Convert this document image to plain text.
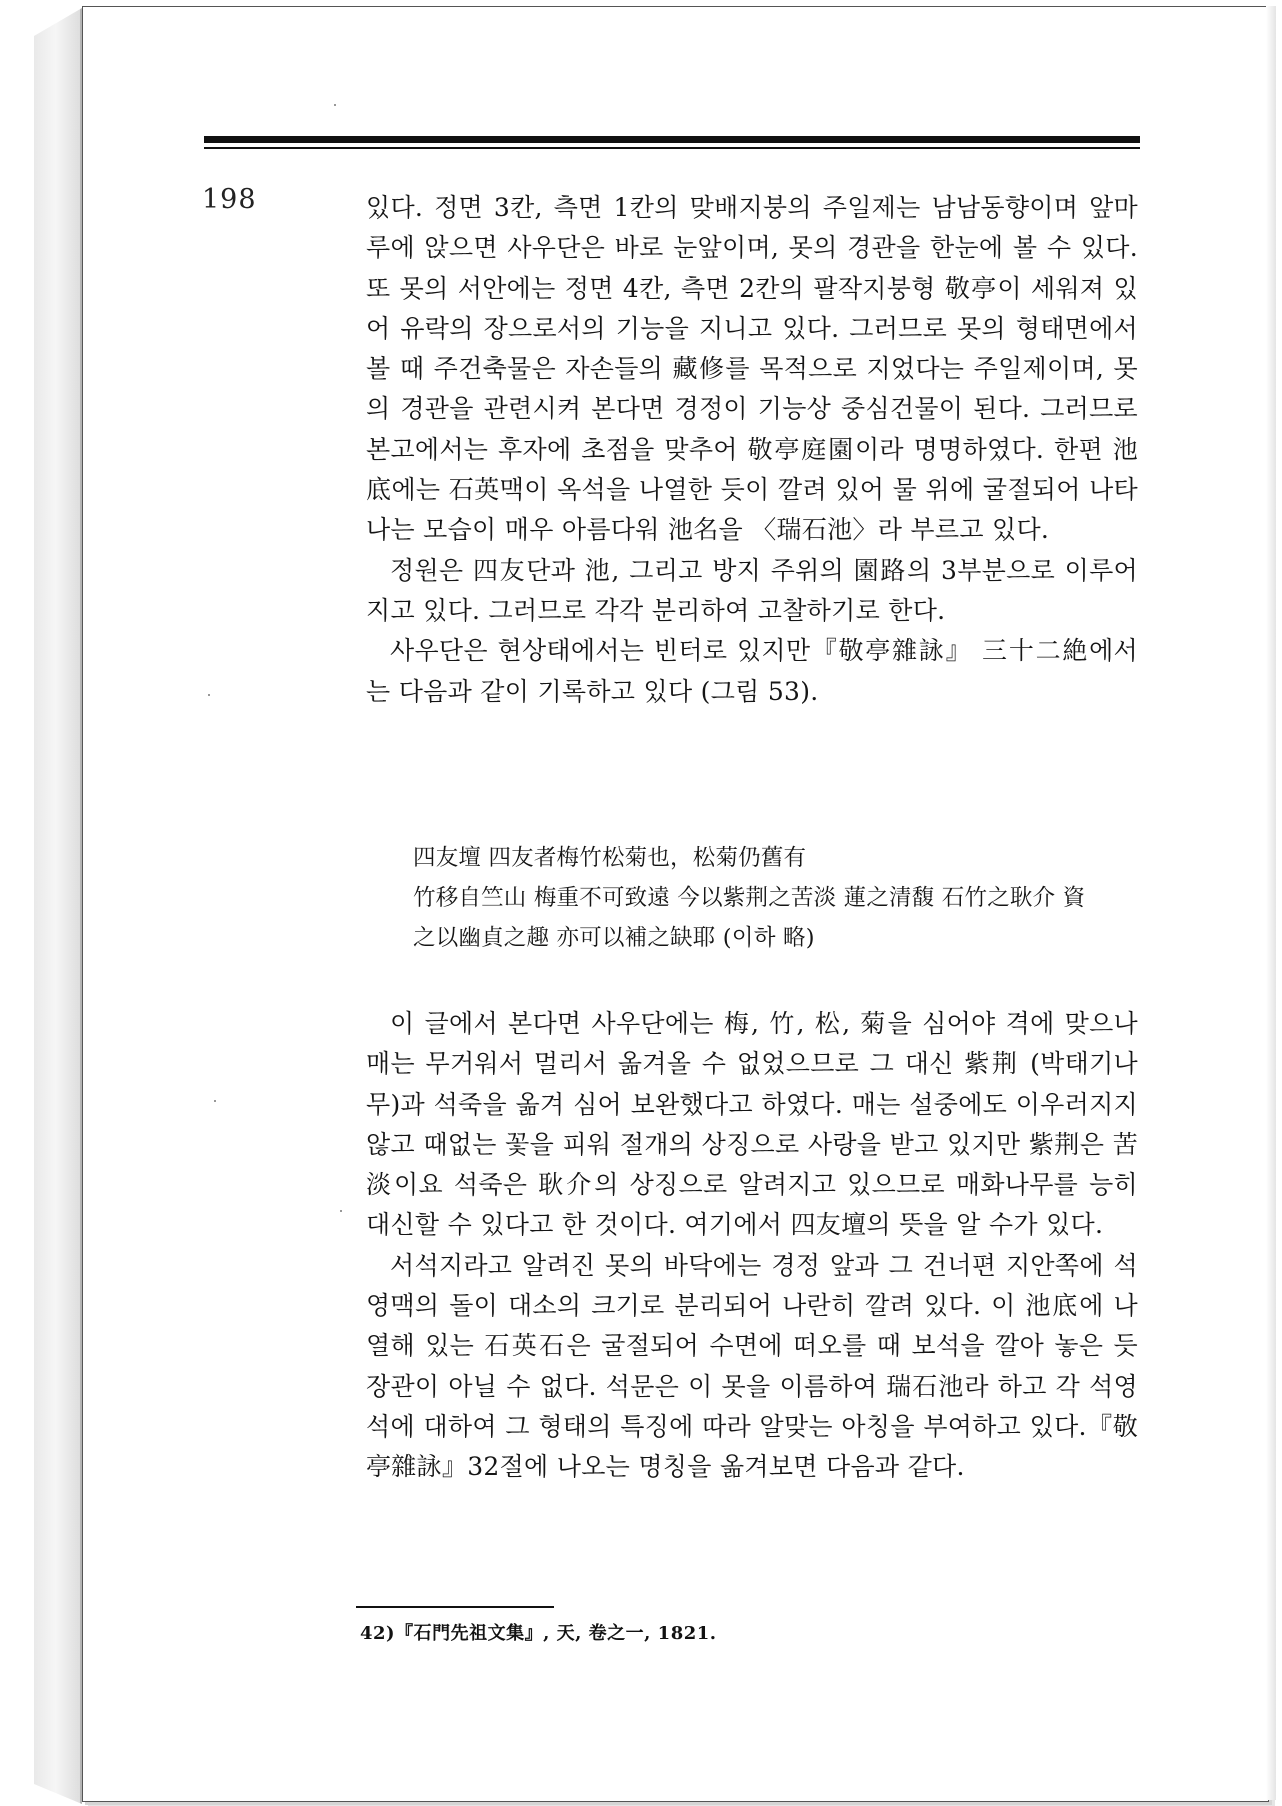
198	있다. 정면 3칸, 측면 1칸의 맞배지붕의 주일제는 남남동향이며 앞마루에 앉으면 사우단은 바로 눈앞이며, 못의 경관을 한눈에 볼 수 있다. 또 못의 서안에는 정면 4칸, 측면 2칸의 팔작지붕형 敬亭이 세워져 있어 유락의 장으로서의 기능을 지니고 있다. 그러므로 못의 형태면에서 볼 때 주건축물은 자손들의 藏修를 목적으로 지었다는 주일제이며, 못의 경관을 관련시켜 본다면 경정이 기능상 중심건물이 된다. 그러므로 본고에서는 후자에 초점을 맞추어 敬亭庭園이라 명명하였다. 한편 池底에는 石英맥이 옥석을 나열한 듯이 깔려 있어 물 위에 굴절되어 나타나는 모습이 매우 아름다워 池名을 〈瑞石池〉라 부르고 있다.

정원은 四友단과 池, 그리고 방지 주위의 園路의 3부분으로 이루어지고 있다. 그러므로 각각 분리하여 고찰하기로 한다.

사우단은 현상태에서는 빈터로 있지만『敬亭雜詠』 三十二絶에서는 다음과 같이 기록하고 있다 (그림 53).

四友壇 四友者梅竹松菊也，松菊仍舊有

竹移自竺山 梅重不可致遠 今以紫荆之苦淡 蓮之清馥 石竹之耿介 資

之以幽貞之趣 亦可以補之缺耶 (이하 略)

이 글에서 본다면 사우단에는 梅, 竹, 松, 菊을 심어야 격에 맞으나 매는 무거워서 멀리서 옮겨올 수 없었으므로 그 대신 紫荆 (박태기나무)과 석죽을 옮겨 심어 보완했다고 하였다. 매는 설중에도 이우러지지 않고 때없는 꽃을 피워 절개의 상징으로 사랑을 받고 있지만 紫荆은 苦淡이요 석죽은 耿介의 상징으로 알려지고 있으므로 매화나무를 능히 대신할 수 있다고 한 것이다. 여기에서 四友壇의 뜻을 알 수가 있다.

서석지라고 알려진 못의 바닥에는 경정 앞과 그 건너편 지안쪽에 석영맥의 돌이 대소의 크기로 분리되어 나란히 깔려 있다. 이 池底에 나열해 있는 石英石은 굴절되어 수면에 떠오를 때 보석을 깔아 놓은 듯 장관이 아닐 수 없다. 석문은 이 못을 이름하여 瑞石池라 하고 각 석영석에 대하여 그 형태의 특징에 따라 알맞는 아칭을 부여하고 있다.『敬亭雜詠』32절에 나오는 명칭을 옮겨보면 다음과 같다.

42)『石門先祖文集』, 天, 卷之一, 1821.
